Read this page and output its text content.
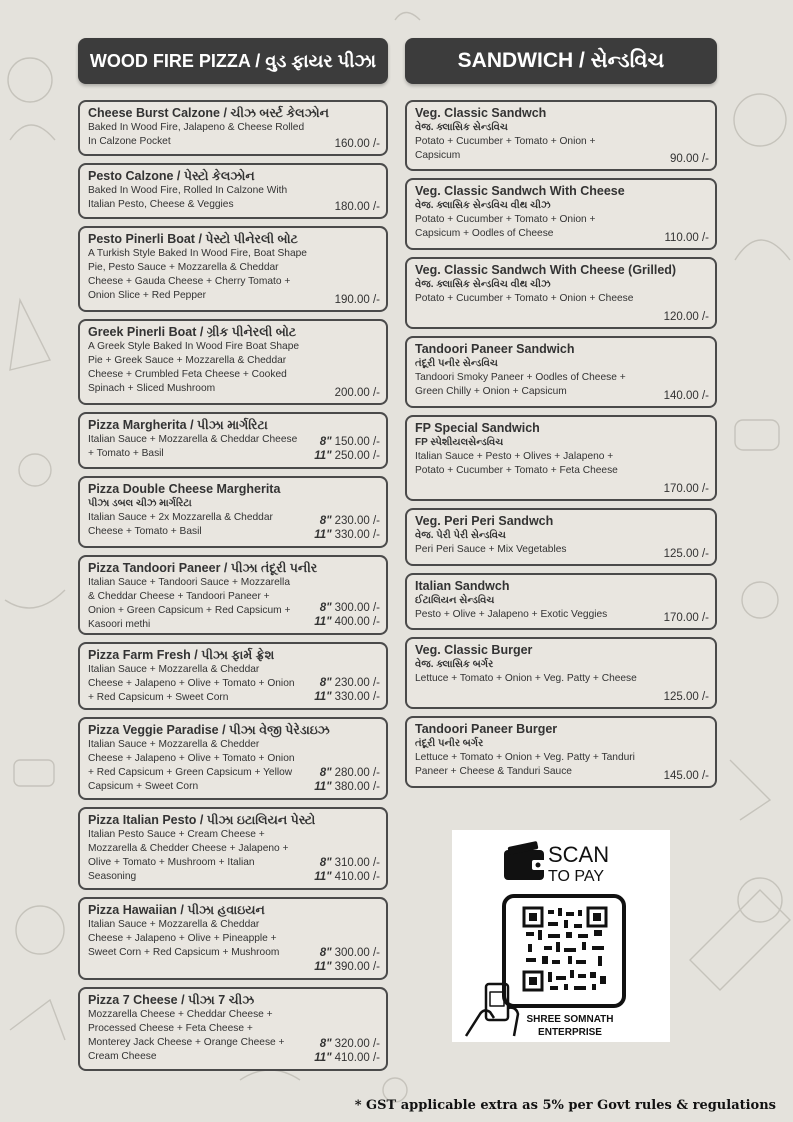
WOOD FIRE PIZZA / વુડ ફાયર પીઝા
Cheese Burst Calzone / ચીઝ બર્સ્ટ કેલઝોન
Baked In Wood Fire, Jalapeno & Cheese Rolled In Calzone Pocket	160.00 /-
Pesto Calzone / પેસ્ટો કેલઝોન
Baked In Wood Fire, Rolled In Calzone With Italian Pesto, Cheese & Veggies	180.00 /-
Pesto Pinerli Boat / પેસ્ટો પીનેરલી બોટ
A Turkish Style Baked In Wood Fire, Boat Shape Pie, Pesto Sauce + Mozzarella & Cheddar Cheese + Gauda Cheese + Cherry Tomato + Onion Slice + Red Pepper	190.00 /-
Greek Pinerli Boat / ગ્રીક પીનેરલી બોટ
A Greek Style Baked In Wood Fire Boat Shape Pie + Greek Sauce + Mozzarella & Cheddar Cheese + Crumbled Feta Cheese + Cooked Spinach + Sliced Mushroom	200.00 /-
Pizza Margherita / પીઝા માર્ગરિટા
Italian Sauce + Mozzarella & Cheddar Cheese + Tomato + Basil
8" 150.00 /-
11" 250.00 /-
Pizza Double Cheese Margherita
પીઝા ડબલ ચીઝ માર્ગરિટા
Italian Sauce + 2x Mozzarella & Cheddar Cheese + Tomato + Basil
8" 230.00 /-
11" 330.00 /-
Pizza Tandoori Paneer / પીઝા તંદૂરી પનીર
Italian Sauce + Tandoori Sauce + Mozzarella & Cheddar Cheese + Tandoori Paneer + Onion + Green Capsicum + Red Capsicum + Kasoori methi
8" 300.00 /-
11" 400.00 /-
Pizza Farm Fresh / પીઝા ફાર્મ ફ્રેશ
Italian Sauce + Mozzarella & Cheddar Cheese + Jalapeno + Olive + Tomato + Onion + Red Capsicum + Sweet Corn
8" 230.00 /-
11" 330.00 /-
Pizza Veggie Paradise / પીઝા વેજી પેરેડાઇઝ
Italian Sauce + Mozzarella & Chedder Cheese + Jalapeno + Olive + Tomato + Onion + Red Capsicum + Green Capsicum + Yellow Capsicum + Sweet Corn
8" 280.00 /-
11" 380.00 /-
Pizza Italian Pesto / પીઝા ઇટાલિયન પેસ્ટો
Italian Pesto Sauce + Cream Cheese + Mozzarella & Chedder Cheese + Jalapeno + Olive + Tomato + Mushroom + Italian Seasoning
8" 310.00 /-
11" 410.00 /-
Pizza Hawaiian / પીઝા હવાઇયન
Italian Sauce + Mozzarella & Cheddar Cheese + Jalapeno + Olive + Pineapple + Sweet Corn + Red Capsicum + Mushroom	8" 300.00 /-
11" 390.00 /-
Pizza 7 Cheese / પીઝા 7 ચીઝ
Mozzarella Cheese + Cheddar Cheese + Processed Cheese + Feta Cheese + Monterey Jack Cheese + Orange Cheese + Cream Cheese
8" 320.00 /-
11" 410.00 /-
SANDWICH / સેન્ડવિચ
Veg. Classic Sandwch
વેજ. ક્લાસિક સેન્ડવિચ
Potato + Cucumber + Tomato + Onion + Capsicum	90.00 /-
Veg. Classic Sandwch With Cheese
વેજ. ક્લાસિક સેન્ડવિચ વીથ ચીઝ
Potato + Cucumber + Tomato + Onion + Capsicum + Oodles of Cheese	110.00 /-
Veg. Classic Sandwch With Cheese (Grilled)
વેજ. ક્લાસિક સેન્ડવિચ વીથ ચીઝ
Potato + Cucumber + Tomato + Onion + Cheese
120.00 /-
Tandoori Paneer Sandwich
તંદૂરી પનીર સેન્ડવિચ
Tandoori Smoky Paneer + Oodles of Cheese + Green Chilly + Onion + Capsicum	140.00 /-
FP Special Sandwich
FP સ્પેશીયલસેન્ડવિચ
Italian Sauce + Pesto + Olives + Jalapeno + Potato + Cucumber + Tomato + Feta Cheese
170.00 /-
Veg. Peri Peri Sandwch
વેજ. પેરી પેરી સેન્ડવિચ
Peri Peri Sauce + Mix Vegetables	125.00 /-
Italian Sandwch
ઈટાલિયન સેન્ડવિચ
Pesto + Olive + Jalapeno + Exotic Veggies	170.00 /-
Veg. Classic Burger
વેજ. ક્લાસિક બર્ગર
Lettuce + Tomato + Onion + Veg. Patty + Cheese
125.00 /-
Tandoori Paneer Burger
તંદૂરી પનીર બર્ગર
Lettuce + Tomato + Onion + Veg. Patty + Tanduri Paneer + Cheese & Tanduri Sauce	145.00 /-
SCAN
TO PAY
SHREE SOMNATH
ENTERPRISE
* GST applicable extra as 5% per Govt rules & regulations
